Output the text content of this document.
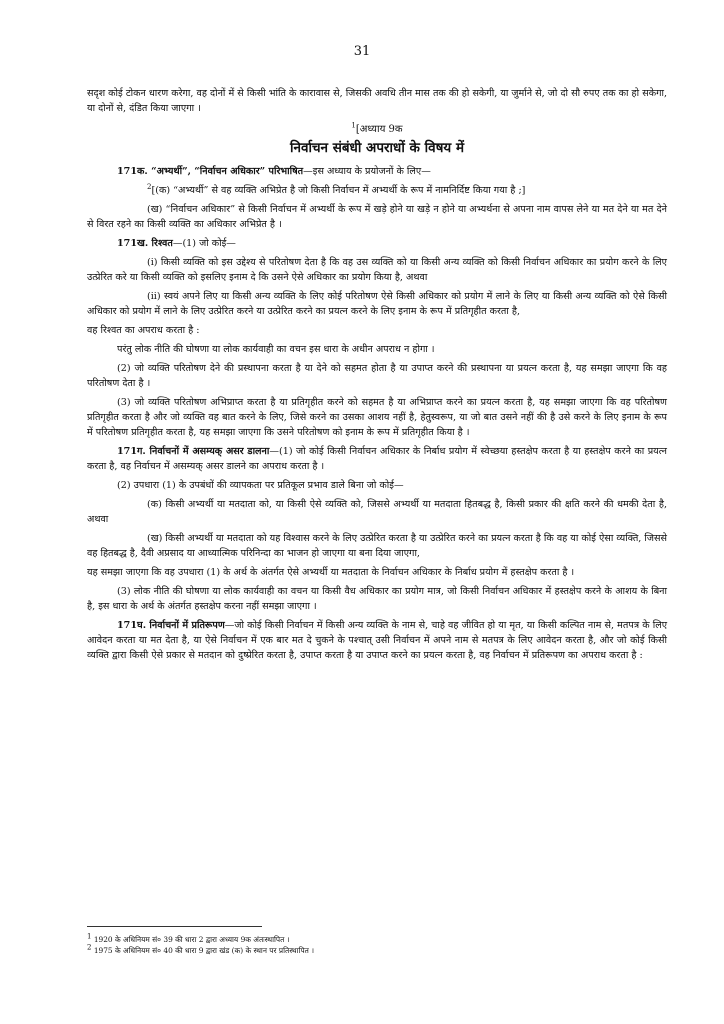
31

सदृश कोई टोकन धारण करेगा, वह दोनों में से किसी भांति के कारावास से, जिसकी अवधि तीन मास तक की हो सकेगी, या जुर्माने से, जो दो सौ रुपए तक का हो सकेगा, या दोनों से, दंडित किया जाएगा ।

$^1$[अध्याय 9क

निर्वाचन संबंधी अपराधों के विषय में

171क. “अभ्यर्थी”, “निर्वाचन अधिकार” परिभाषित—इस अध्याय के प्रयोजनों के लिए—

$^2$[(क) “अभ्यर्थी” से वह व्यक्ति अभिप्रेत है जो किसी निर्वाचन में अभ्यर्थी के रूप में नामनिर्दिष्ट किया गया है ;]

(ख) “निर्वाचन अधिकार” से किसी निर्वाचन में अभ्यर्थी के रूप में खड़े होने या खड़े न होने या अभ्यर्थना से अपना नाम वापस लेने या मत देने या मत देने से विरत रहने का किसी व्यक्ति का अधिकार अभिप्रेत है ।

171ख. रिश्वत—(1) जो कोई—

(i) किसी व्यक्ति को इस उद्देश्य से परितोषण देता है कि वह उस व्यक्ति को या किसी अन्य व्यक्ति को किसी निर्वाचन अधिकार का प्रयोग करने के लिए उत्प्रेरित करे या किसी व्यक्ति को इसलिए इनाम दे कि उसने ऐसे अधिकार का प्रयोग किया है, अथवा

(ii) स्वयं अपने लिए या किसी अन्य व्यक्ति के लिए कोई परितोषण ऐसे किसी अधिकार को प्रयोग में लाने के लिए या किसी अन्य व्यक्ति को ऐसे किसी अधिकार को प्रयोग में लाने के लिए उत्प्रेरित करने या उत्प्रेरित करने का प्रयत्न करने के लिए इनाम के रूप में प्रतिगृहीत करता है,

वह रिश्वत का अपराध करता है :

परंतु लोक नीति की घोषणा या लोक कार्यवाही का वचन इस धारा के अधीन अपराध न होगा ।

(2) जो व्यक्ति परितोषण देने की प्रस्थापना करता है या देने को सहमत होता है या उपाप्त करने की प्रस्थापना या प्रयत्न करता है, यह समझा जाएगा कि वह परितोषण देता है ।

(3) जो व्यक्ति परितोषण अभिप्राप्त करता है या प्रतिगृहीत करने को सहमत है या अभिप्राप्त करने का प्रयत्न करता है, यह समझा जाएगा कि वह परितोषण प्रतिगृहीत करता है और जो व्यक्ति वह बात करने के लिए, जिसे करने का उसका आशय नहीं है, हेतुस्वरूप, या जो बात उसने नहीं की है उसे करने के लिए इनाम के रूप में परितोषण प्रतिगृहीत करता है, यह समझा जाएगा कि उसने परितोषण को इनाम के रूप में प्रतिगृहीत किया है ।

171ग. निर्वाचनों में असम्यक् असर डालना—(1) जो कोई किसी निर्वाचन अधिकार के निर्बाध प्रयोग में स्वेच्छया हस्तक्षेप करता है या हस्तक्षेप करने का प्रयत्न करता है, वह निर्वाचन में असम्यक् असर डालने का अपराध करता है ।

(2) उपधारा (1) के उपबंधों की व्यापकता पर प्रतिकूल प्रभाव डाले बिना जो कोई—

(क) किसी अभ्यर्थी या मतदाता को, या किसी ऐसे व्यक्ति को, जिससे अभ्यर्थी या मतदाता हितबद्ध है, किसी प्रकार की क्षति करने की धमकी देता है, अथवा

(ख) किसी अभ्यर्थी या मतदाता को यह विश्वास करने के लिए उत्प्रेरित करता है या उत्प्रेरित करने का प्रयत्न करता है कि वह या कोई ऐसा व्यक्ति, जिससे वह हितबद्ध है, दैवी अप्रसाद या आध्यात्मिक परिनिन्दा का भाजन हो जाएगा या बना दिया जाएगा,

यह समझा जाएगा कि वह उपधारा (1) के अर्थ के अंतर्गत ऐसे अभ्यर्थी या मतदाता के निर्वाचन अधिकार के निर्बाध प्रयोग में हस्तक्षेप करता है ।

(3) लोक नीति की घोषणा या लोक कार्यवाही का वचन या किसी वैध अधिकार का प्रयोग मात्र, जो किसी निर्वाचन अधिकार में हस्तक्षेप करने के आशय के बिना है, इस धारा के अर्थ के अंतर्गत हस्तक्षेप करना नहीं समझा जाएगा ।

171घ. निर्वाचनों में प्रतिरूपण—जो कोई किसी निर्वाचन में किसी अन्य व्यक्ति के नाम से, चाहे वह जीवित हो या मृत, या किसी कल्पित नाम से, मतपत्र के लिए आवेदन करता या मत देता है, या ऐसे निर्वाचन में एक बार मत दे चुकने के पश्चात् उसी निर्वाचन में अपने नाम से मतपत्र के लिए आवेदन करता है, और जो कोई किसी व्यक्ति द्वारा किसी ऐसे प्रकार से मतदान को दुष्प्रेरित करता है, उपाप्त करता है या उपाप्त करने का प्रयत्न करता है, वह निर्वाचन में प्रतिरूपण का अपराध करता है :

$^1$ 1920 के अधिनियम सं० 39 की धारा 2 द्वारा अध्याय 9क अंतःस्थापित ।

$^2$ 1975 के अधिनियम सं० 40 की धारा 9 द्वारा खंड (क) के स्थान पर प्रतिस्थापित ।
